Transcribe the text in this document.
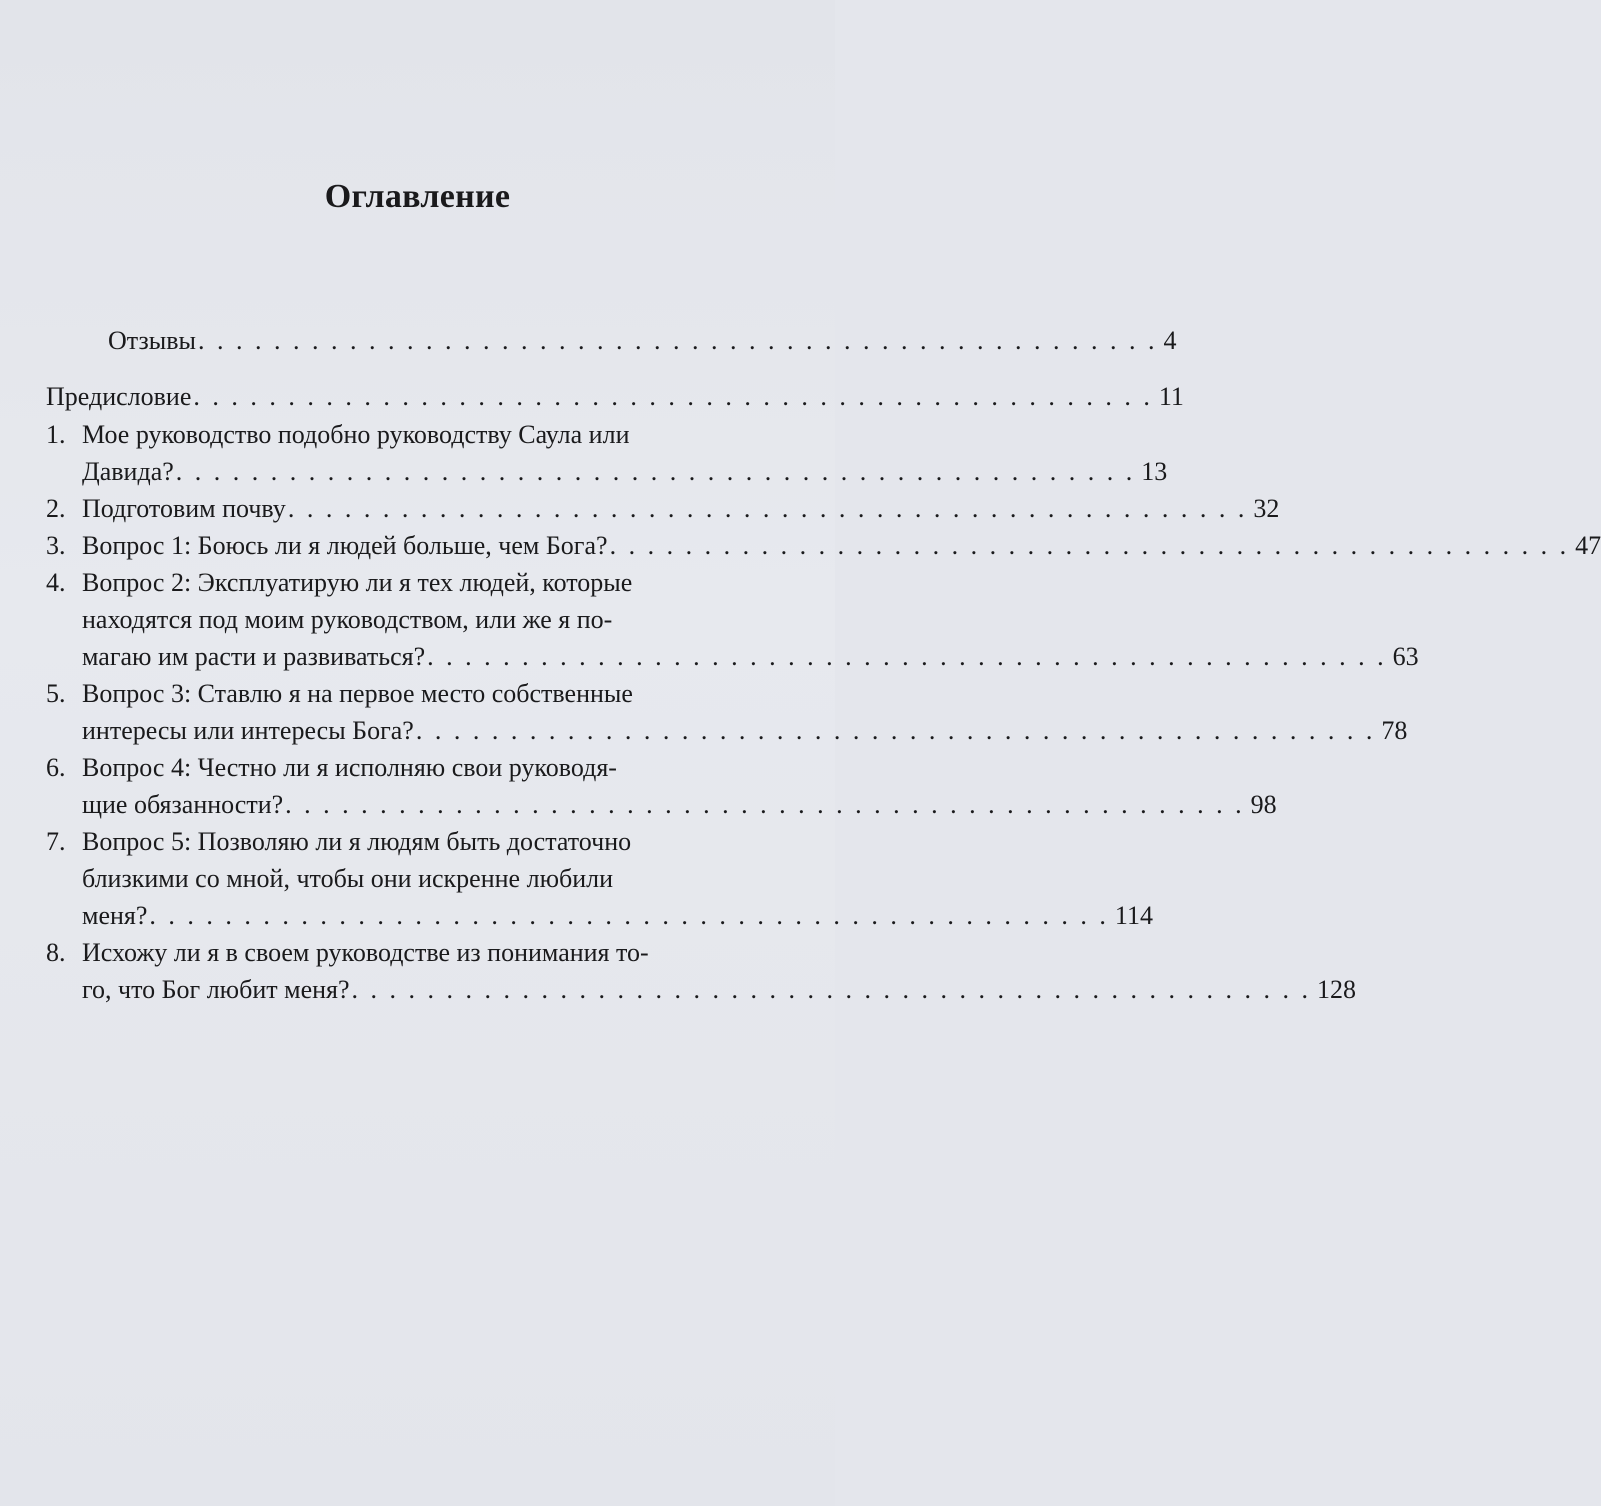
Оглавление
Отзывы . . . . . . . . . . . . . . . . . . . . . . . . . . . . . . . . . . . . . . . . . . . . . . . . . . . 4
Предисловие . . . . . . . . . . . . . . . . . . . . . . . . . . . . . . . . . . . . . . . . . . . . . . . . . . . 11
1. Мое руководство подобно руководству Саула или
Давида? . . . . . . . . . . . . . . . . . . . . . . . . . . . . . . . . . . . . . . . . . . . . . . . . . . . 13
2. Подготовим почву . . . . . . . . . . . . . . . . . . . . . . . . . . . . . . . . . . . . . . . . . . . . . . . . . . . 32
3. Вопрос 1: Боюсь ли я людей больше, чем Бога? . . . . . . . . . . . . . . . . . . . . . . . . . . . . . . . . . . . . . . . . . . . . . . . . . . . 47
4. Вопрос 2: Эксплуатирую ли я тех людей, которые
находятся под моим руководством, или же я по-
магаю им расти и развиваться? . . . . . . . . . . . . . . . . . . . . . . . . . . . . . . . . . . . . . . . . . . . . . . . . . . . 63
5. Вопрос 3: Ставлю я на первое место собственные
интересы или интересы Бога? . . . . . . . . . . . . . . . . . . . . . . . . . . . . . . . . . . . . . . . . . . . . . . . . . . . 78
6. Вопрос 4: Честно ли я исполняю свои руководя-
щие обязанности? . . . . . . . . . . . . . . . . . . . . . . . . . . . . . . . . . . . . . . . . . . . . . . . . . . . 98
7. Вопрос 5: Позволяю ли я людям быть достаточно
близкими со мной, чтобы они искренне любили
меня? . . . . . . . . . . . . . . . . . . . . . . . . . . . . . . . . . . . . . . . . . . . . . . . . . . . 114
8. Исхожу ли я в своем руководстве из понимания то-
го, что Бог любит меня? . . . . . . . . . . . . . . . . . . . . . . . . . . . . . . . . . . . . . . . . . . . . . . . . . . . 128
